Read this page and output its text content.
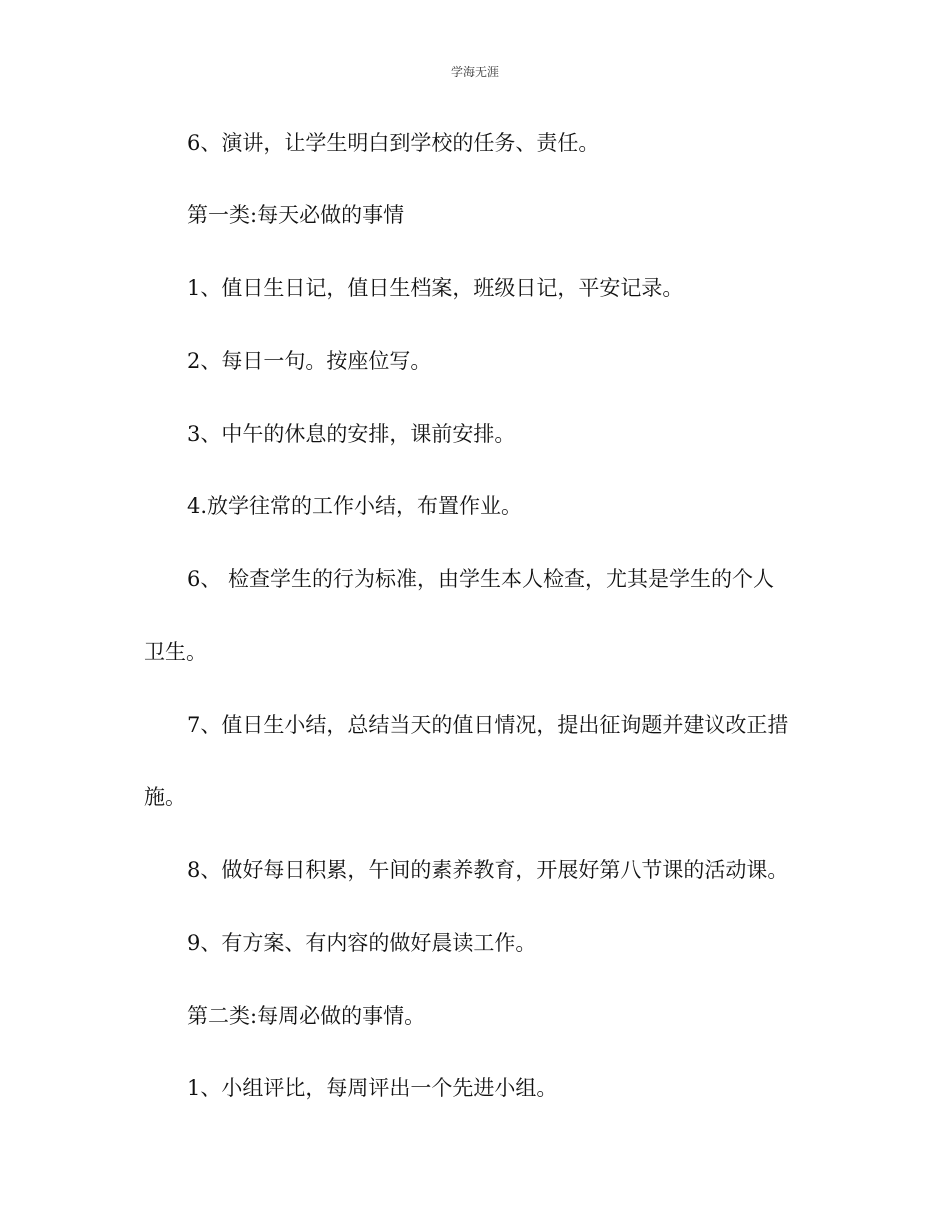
学海无涯
6、演讲，让学生明白到学校的任务、责任。
第一类:每天必做的事情
1、值日生日记，值日生档案，班级日记，平安记录。
2、每日一句。按座位写。
3、中午的休息的安排，课前安排。
4.放学往常的工作小结，布置作业。
6、 检查学生的行为标准，由学生本人检查，尤其是学生的个人
卫生。
7、值日生小结，总结当天的值日情况，提出征询题并建议改正措
施。
8、做好每日积累，午间的素养教育，开展好第八节课的活动课。
9、有方案、有内容的做好晨读工作。
第二类:每周必做的事情。
1、小组评比，每周评出一个先进小组。
